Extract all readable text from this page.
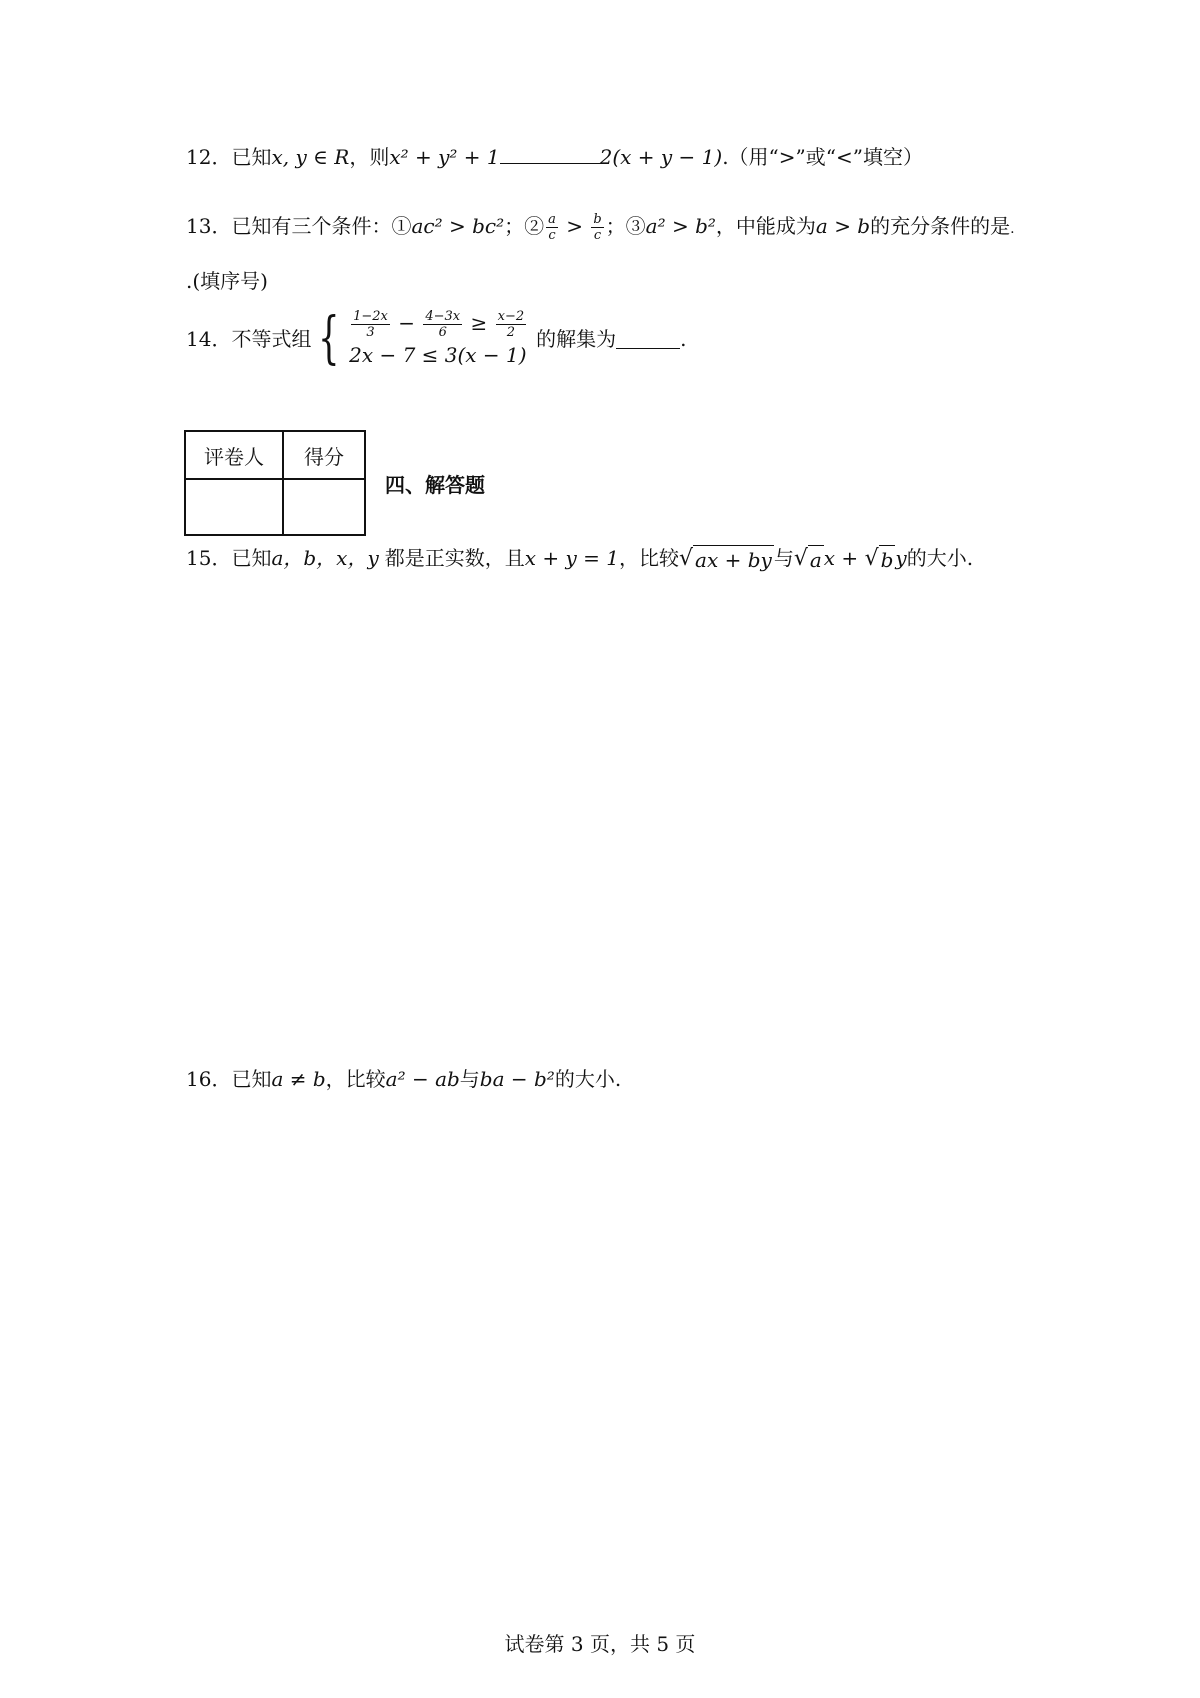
12．已知x, y ∈ R，则x² + y² + 1	2(x + y − 1).（用“>”或“<”填空）
13．已知有三个条件：①ac² > bc²；② $\frac{a}{c} > \frac{b}{c}$ ；③a² > b²，中能成为a > b的充分条件的是.
.(填序号)
14．不等式组 { $\frac{1-2x}{3} - \frac{4-3x}{6} \ge \frac{x-2}{2}$
2x − 7 ≤ 3(x − 1)
的解集为	.
评卷人	得分

四、解答题
15．已知a，b，x，y 都是正实数，且x + y = 1，比较 √ ax + by 与 √ a x + √ b y的大小.
16．已知a ≠ b，比较a² − ab与ba − b²的大小.
试卷第 3 页，共 5 页
